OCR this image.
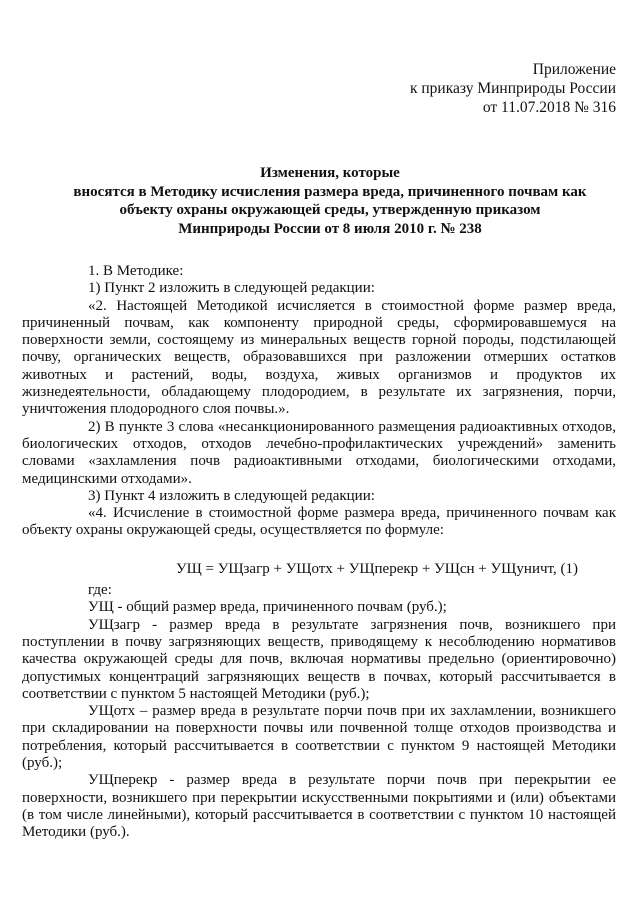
Приложение
к приказу Минприроды России
от 11.07.2018 № 316
Изменения, которые
вносятся в Методику исчисления размера вреда, причиненного почвам как
объекту охраны окружающей среды, утвержденную приказом
Минприроды России от 8 июля 2010 г. № 238

1. В Методике:

1) Пункт 2 изложить в следующей редакции:

«2. Настоящей Методикой исчисляется в стоимостной форме размер вреда, причиненный почвам, как компоненту природной среды, сформировавшемуся на поверхности земли, состоящему из минеральных веществ горной породы, подстилающей почву, органических веществ, образовавшихся при разложении отмерших остатков животных и растений, воды, воздуха, живых организмов и продуктов их жизнедеятельности, обладающему плодородием, в результате их загрязнения, порчи, уничтожения плодородного слоя почвы.».

2) В пункте 3 слова «несанкционированного размещения радиоактивных отходов, биологических отходов, отходов лечебно-профилактических учреждений» заменить словами «захламления почв радиоактивными отходами, биологическими отходами, медицинскими отходами».

3) Пункт 4 изложить в следующей редакции:

«4. Исчисление в стоимостной форме размера вреда, причиненного почвам как объекту охраны окружающей среды, осуществляется по формуле:

УЩ = УЩзагр + УЩотх + УЩперекр + УЩсн + УЩуничт, (1)

где:

УЩ - общий размер вреда, причиненного почвам (руб.);

УЩзагр - размер вреда в результате загрязнения почв, возникшего при поступлении в почву загрязняющих веществ, приводящему к несоблюдению нормативов качества окружающей среды для почв, включая нормативы предельно (ориентировочно) допустимых концентраций загрязняющих веществ в почвах, который рассчитывается в соответствии с пунктом 5 настоящей Методики (руб.);

УЩотх – размер вреда в результате порчи почв при их захламлении, возникшего при складировании на поверхности почвы или почвенной толще отходов производства и потребления, который рассчитывается в соответствии с пунктом 9 настоящей Методики (руб.);

УЩперекр - размер вреда в результате порчи почв при перекрытии ее поверхности, возникшего при перекрытии искусственными покрытиями и (или) объектами (в том числе линейными), который рассчитывается в соответствии с пунктом 10 настоящей Методики (руб.).
